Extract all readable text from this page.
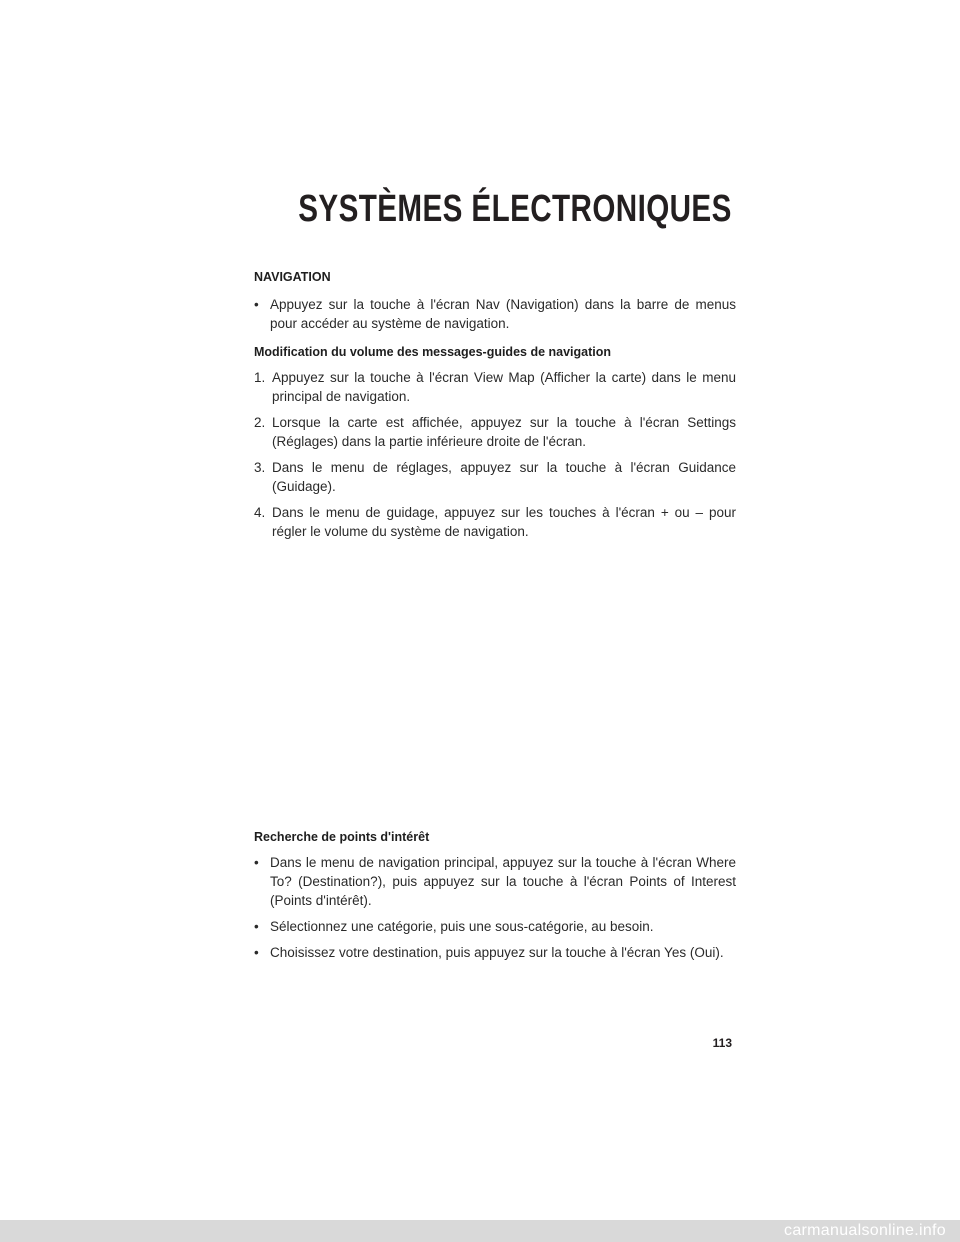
SYSTÈMES ÉLECTRONIQUES
NAVIGATION
• Appuyez sur la touche à l'écran Nav (Navigation) dans la barre de menus pour accéder au système de navigation.
Modification du volume des messages-guides de navigation
1. Appuyez sur la touche à l'écran View Map (Afficher la carte) dans le menu principal de navigation.
2. Lorsque la carte est affichée, appuyez sur la touche à l'écran Settings (Réglages) dans la partie inférieure droite de l'écran.
3. Dans le menu de réglages, appuyez sur la touche à l'écran Guidance (Guidage).
4. Dans le menu de guidage, appuyez sur les touches à l'écran + ou – pour régler le volume du système de navigation.
Recherche de points d'intérêt
• Dans le menu de navigation principal, appuyez sur la touche à l'écran Where To? (Destination?), puis appuyez sur la touche à l'écran Points of Interest (Points d'intérêt).
• Sélectionnez une catégorie, puis une sous-catégorie, au besoin.
• Choisissez votre destination, puis appuyez sur la touche à l'écran Yes (Oui).
113
carmanualsonline.info
